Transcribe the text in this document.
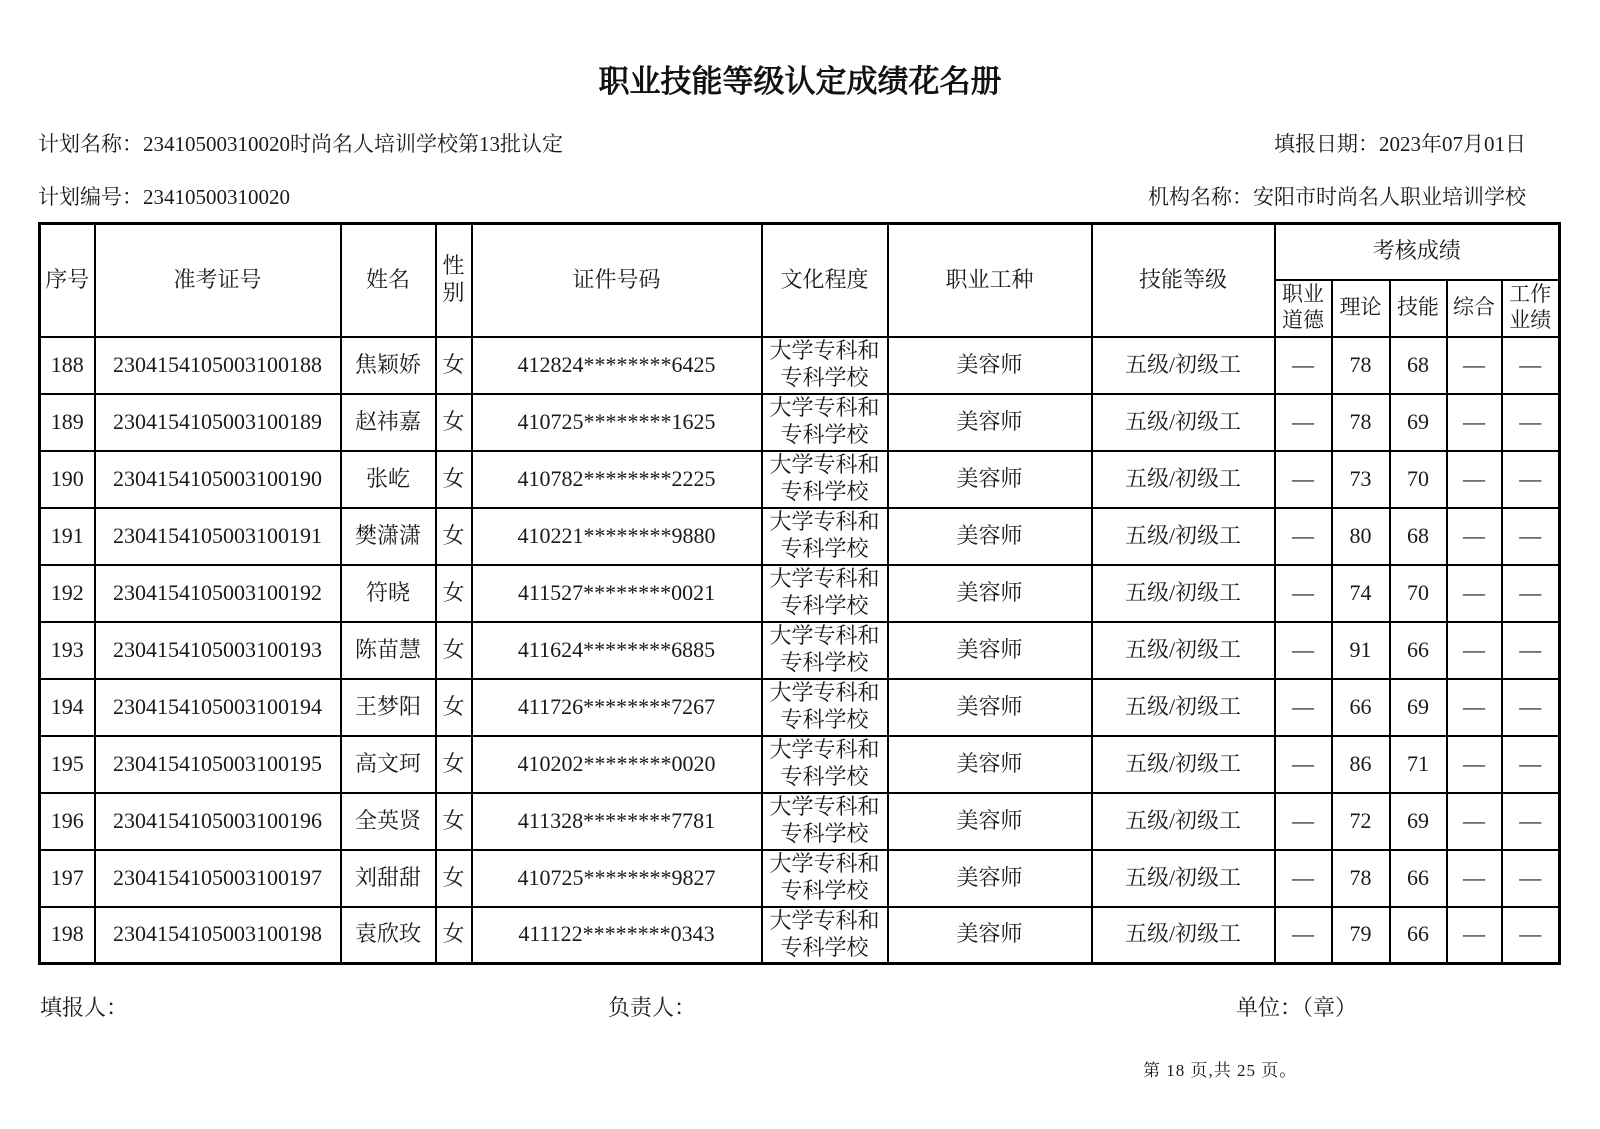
职业技能等级认定成绩花名册
计划名称：23410500310020时尚名人培训学校第13批认定	填报日期：2023年07月01日
计划编号：23410500310020	机构名称：安阳市时尚名人职业培训学校
序号	准考证号	姓名	性别	证件号码	文化程度	职业工种	技能等级	考核成绩				
								职业道德	理论	技能	综合	工作业绩
188	2304154105003100188	焦颖娇	女	412824********6425	大学专科和专科学校	美容师	五级/初级工	—	78	68	—	—
189	2304154105003100189	赵祎嘉	女	410725********1625	大学专科和专科学校	美容师	五级/初级工	—	78	69	—	—
190	2304154105003100190	张屹	女	410782********2225	大学专科和专科学校	美容师	五级/初级工	—	73	70	—	—
191	2304154105003100191	樊潇潇	女	410221********9880	大学专科和专科学校	美容师	五级/初级工	—	80	68	—	—
192	2304154105003100192	符晓	女	411527********0021	大学专科和专科学校	美容师	五级/初级工	—	74	70	—	—
193	2304154105003100193	陈苗慧	女	411624********6885	大学专科和专科学校	美容师	五级/初级工	—	91	66	—	—
194	2304154105003100194	王梦阳	女	411726********7267	大学专科和专科学校	美容师	五级/初级工	—	66	69	—	—
195	2304154105003100195	高文珂	女	410202********0020	大学专科和专科学校	美容师	五级/初级工	—	86	71	—	—
196	2304154105003100196	全英贤	女	411328********7781	大学专科和专科学校	美容师	五级/初级工	—	72	69	—	—
197	2304154105003100197	刘甜甜	女	410725********9827	大学专科和专科学校	美容师	五级/初级工	—	78	66	—	—
198	2304154105003100198	袁欣玫	女	411122********0343	大学专科和专科学校	美容师	五级/初级工	—	79	66	—	—
填报人：	负责人：	单位：（章）
第 18 页,共 25 页。
